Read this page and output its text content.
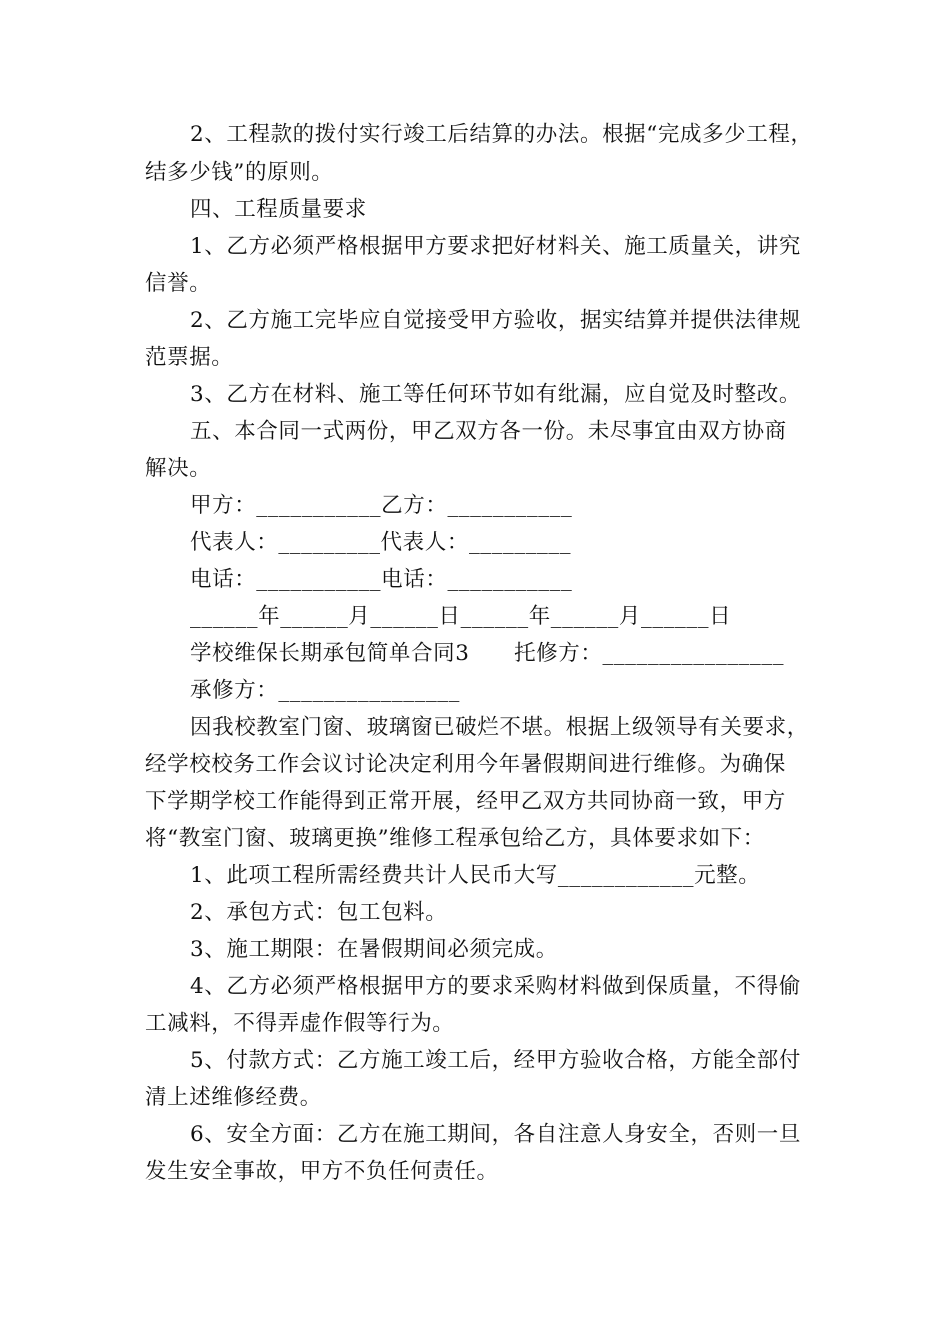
2、工程款的拨付实行竣工后结算的办法。根据“完成多少工程，
结多少钱”的原则。
四、工程质量要求
1、乙方必须严格根据甲方要求把好材料关、施工质量关，讲究
信誉。
2、乙方施工完毕应自觉接受甲方验收，据实结算并提供法律规
范票据。
3、乙方在材料、施工等任何环节如有纰漏，应自觉及时整改。
五、本合同一式两份，甲乙双方各一份。未尽事宜由双方协商
解决。
甲方：___________乙方：___________
代表人：_________代表人：_________
电话：___________电话：___________
______年______月______日______年______月______日
学校维保长期承包简单合同3      托修方：________________
承修方：________________
因我校教室门窗、玻璃窗已破烂不堪。根据上级领导有关要求，
经学校校务工作会议讨论决定利用今年暑假期间进行维修。为确保
下学期学校工作能得到正常开展，经甲乙双方共同协商一致，甲方
将“教室门窗、玻璃更换”维修工程承包给乙方，具体要求如下：
1、此项工程所需经费共计人民币大写____________元整。
2、承包方式：包工包料。
3、施工期限：在暑假期间必须完成。
4、乙方必须严格根据甲方的要求采购材料做到保质量，不得偷
工减料，不得弄虚作假等行为。
5、付款方式：乙方施工竣工后，经甲方验收合格，方能全部付
清上述维修经费。
6、安全方面：乙方在施工期间，各自注意人身安全，否则一旦
发生安全事故，甲方不负任何责任。
